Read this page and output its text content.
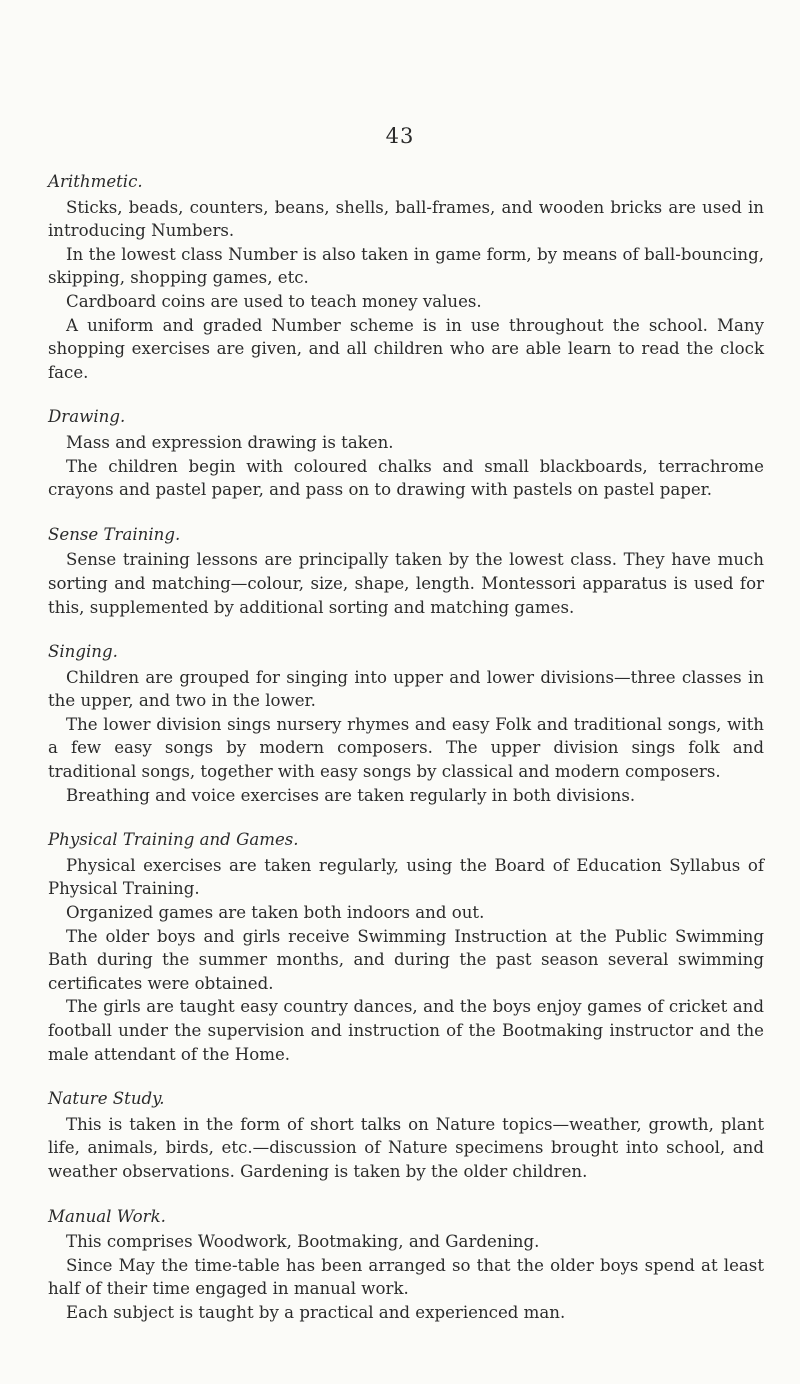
43

Arithmetic.

Sticks, beads, counters, beans, shells, ball-frames, and wooden bricks are used in introducing Numbers.

In the lowest class Number is also taken in game form, by means of ball-bouncing, skipping, shopping games, etc.

Cardboard coins are used to teach money values.

A uniform and graded Number scheme is in use throughout the school. Many shopping exercises are given, and all children who are able learn to read the clock face.

Drawing.

Mass and expression drawing is taken.

The children begin with coloured chalks and small blackboards, terrachrome crayons and pastel paper, and pass on to drawing with pastels on pastel paper.

Sense Training.

Sense training lessons are principally taken by the lowest class. They have much sorting and matching—colour, size, shape, length. Montessori apparatus is used for this, supplemented by additional sorting and matching games.

Singing.

Children are grouped for singing into upper and lower divisions—three classes in the upper, and two in the lower.

The lower division sings nursery rhymes and easy Folk and traditional songs, with a few easy songs by modern composers. The upper division sings folk and traditional songs, together with easy songs by classical and modern composers.

Breathing and voice exercises are taken regularly in both divisions.

Physical Training and Games.

Physical exercises are taken regularly, using the Board of Education Syllabus of Physical Training.

Organized games are taken both indoors and out.

The older boys and girls receive Swimming Instruction at the Public Swimming Bath during the summer months, and during the past season several swimming certificates were obtained.

The girls are taught easy country dances, and the boys enjoy games of cricket and football under the supervision and instruction of the Bootmaking instructor and the male attendant of the Home.

Nature Study.

This is taken in the form of short talks on Nature topics—weather, growth, plant life, animals, birds, etc.—discussion of Nature specimens brought into school, and weather observations. Gardening is taken by the older children.

Manual Work.

This comprises Woodwork, Bootmaking, and Gardening.

Since May the time-table has been arranged so that the older boys spend at least half of their time engaged in manual work.

Each subject is taught by a practical and experienced man.
